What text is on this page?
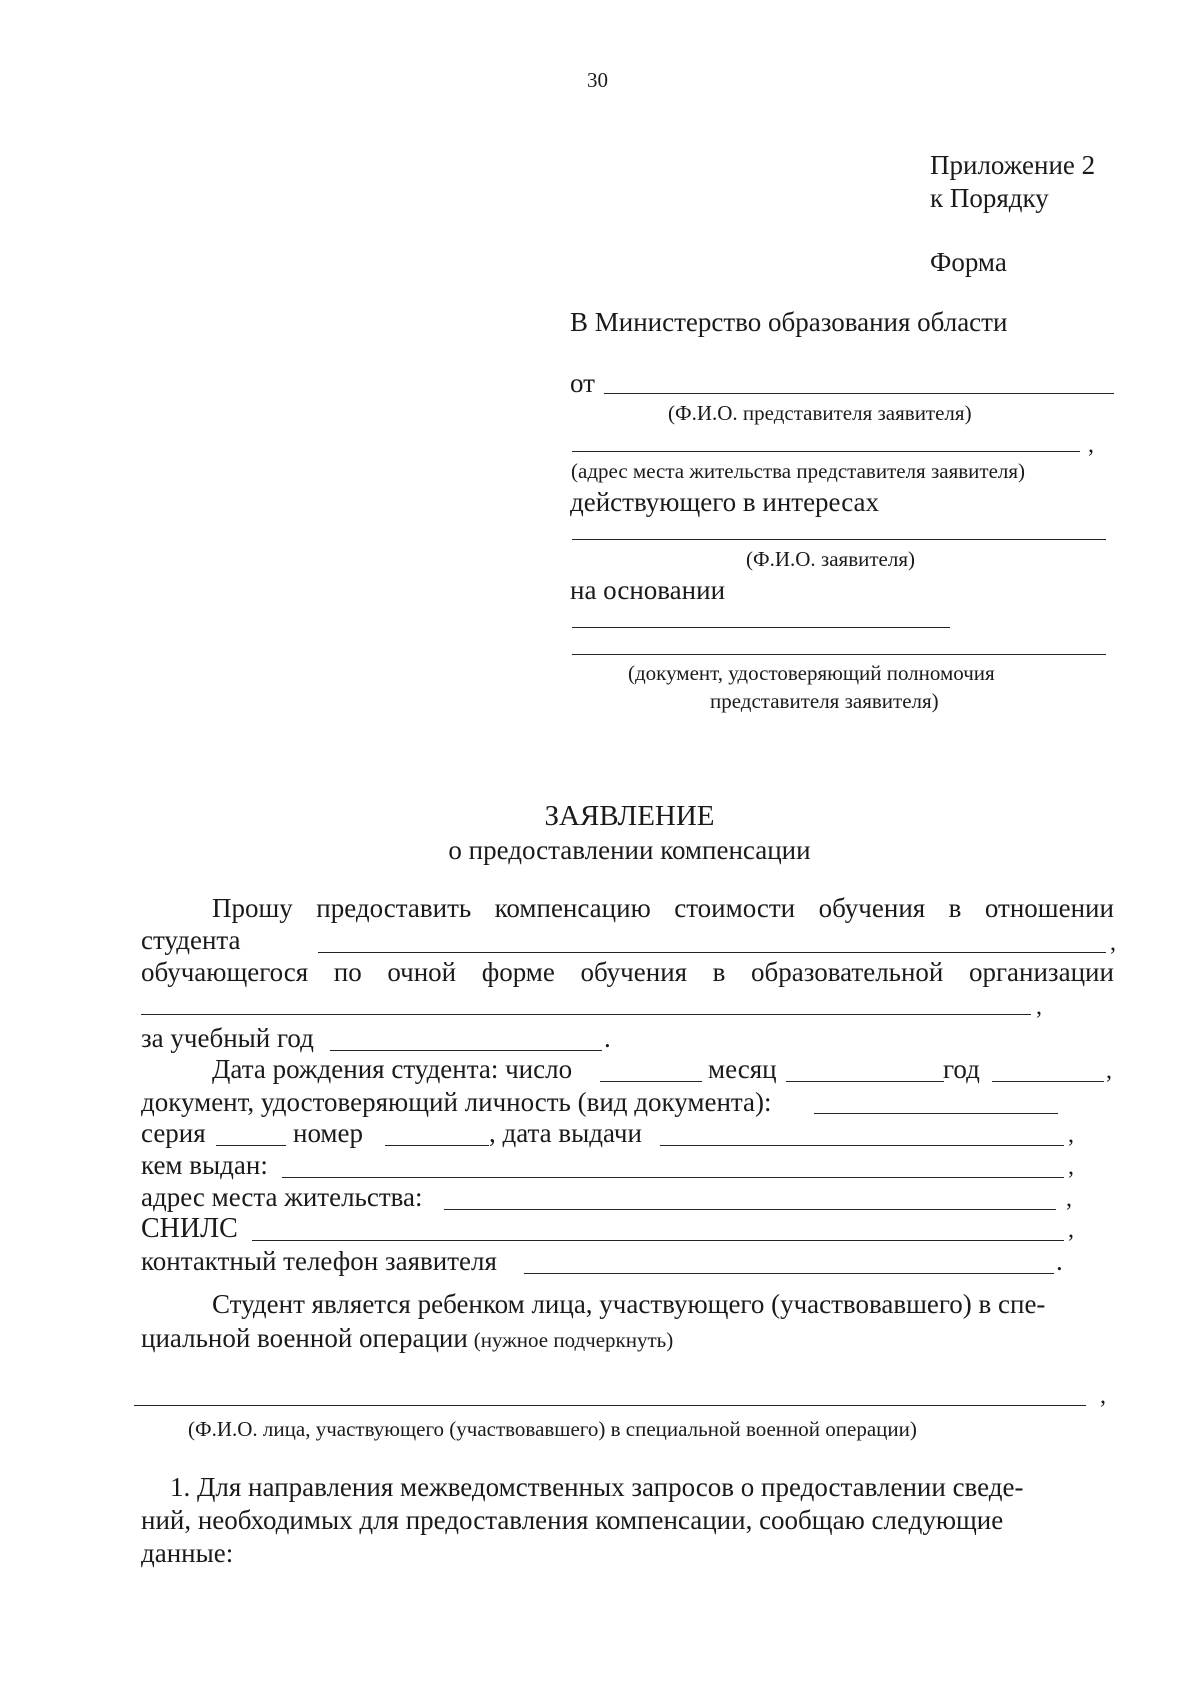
30
Приложение 2
к Порядку
Форма
В Министерство образования области
от
(Ф.И.О. представителя заявителя)
,
(адрес места жительства представителя заявителя)
действующего в интересах
(Ф.И.О. заявителя)
на основании
(документ, удостоверяющий полномочия
представителя заявителя)
ЗАЯВЛЕНИЕ
о предоставлении компенсации
Прошу предоставить компенсацию стоимости обучения в отношении
студента	,
обучающегося по очной форме обучения в образовательной организации
,
за учебный год	.
Дата рождения студента: число	месяц	год	,
документ, удостоверяющий личность (вид документа):
серия	номер	, дата выдачи	,
кем выдан:	,
адрес места жительства:	,
СНИЛС	,
контактный телефон заявителя	.
Студент является ребенком лица, участвующего (участвовавшего) в спе-
циальной военной операции (нужное подчеркнуть)
,
(Ф.И.О. лица, участвующего (участвовавшего) в специальной военной операции)
1. Для направления межведомственных запросов о предоставлении сведе-
ний, необходимых для предоставления компенсации, сообщаю следующие
данные:
